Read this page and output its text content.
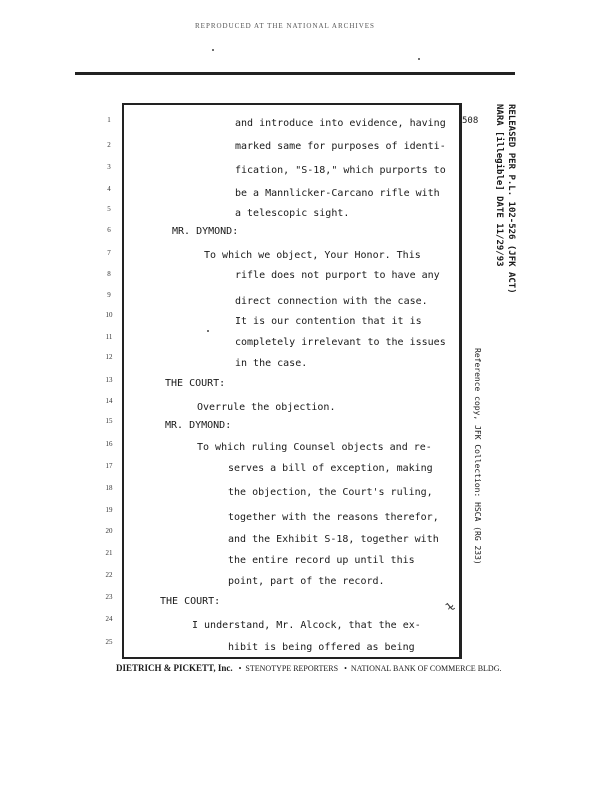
REPRODUCED AT THE NATIONAL ARCHIVES
508	RELEASED PER P.L. 102-526 (JFK ACT)
NARA [illegible] DATE 11/29/93
Reference copy, JFK Collection: HSCA (RG 233)
ɫ
1
2
3
4
5
6
7
8
9
10
11
12
13
14
15
16
17
18
19
20
21
22
23
24
25
and introduce into evidence, having
marked same for purposes of identi-
fication, "S-18," which purports to
be a Mannlicker-Carcano rifle with
a telescopic sight.
MR. DYMOND:
To which we object, Your Honor. This
rifle does not purport to have any
direct connection with the case.
It is our contention that it is
completely irrelevant to the issues
in the case.
THE COURT:
Overrule the objection.
MR. DYMOND:
To which ruling Counsel objects and re-
serves a bill of exception, making
the objection, the Court's ruling,
together with the reasons therefor,
and the Exhibit S-18, together with
the entire record up until this
point, part of the record.
THE COURT:
I understand, Mr. Alcock, that the ex-
hibit is being offered as being
DIETRICH & PICKETT, Inc.   •  STENOTYPE REPORTERS   •  NATIONAL BANK OF COMMERCE BLDG.
